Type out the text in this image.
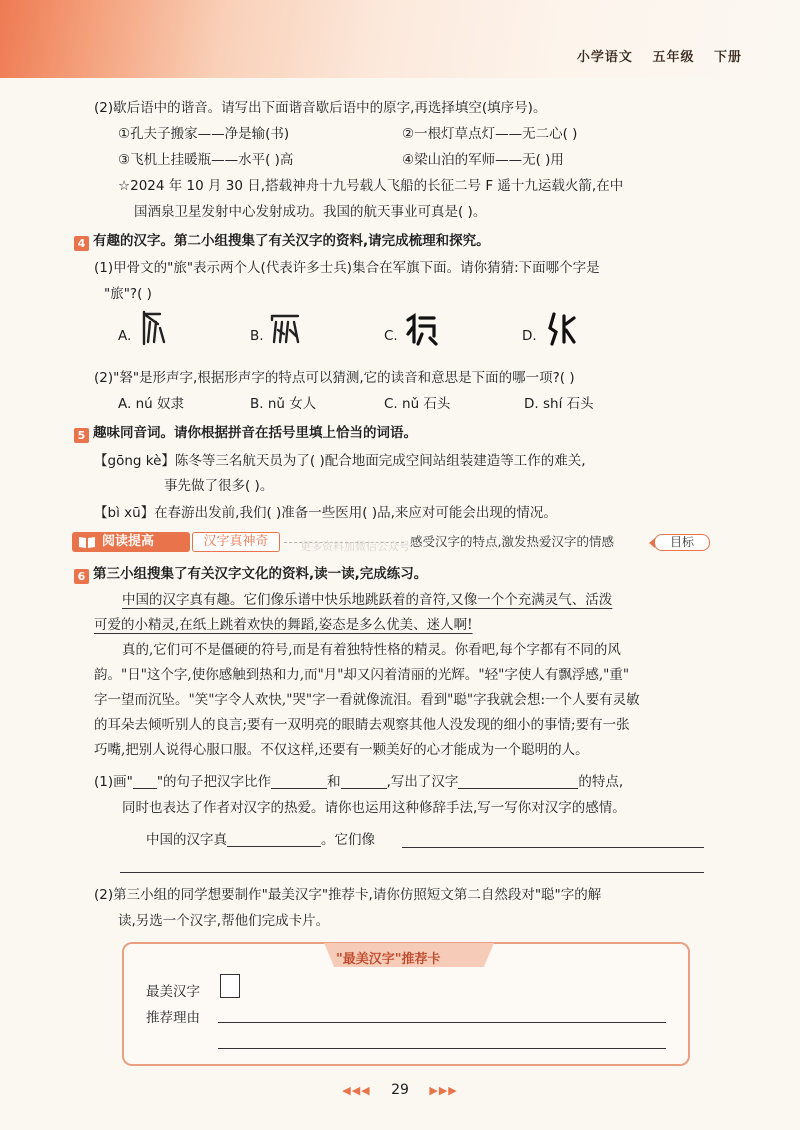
小学语文 五年级 下册
(2)歇后语中的谐音。请写出下面谐音歇后语中的原字,再选择填空(填序号)。
①孔夫子搬家——净是输(书)	②一根灯草点灯——无二心( )
③飞机上挂暖瓶——水平( )高	④梁山泊的军师——无( )用
☆2024 年 10 月 30 日,搭载神舟十九号载人飞船的长征二号 F 遥十九运载火箭,在中
国酒泉卫星发射中心发射成功。我国的航天事业可真是( )。
4 有趣的汉字。第二小组搜集了有关汉字的资料,请完成梳理和探究。
(1)甲骨文的"旅"表示两个人(代表许多士兵)集合在军旗下面。请你猜猜:下面哪个字是
"旅"?( )
A.	B.	C.	D.
(2)"砮"是形声字,根据形声字的特点可以猜测,它的读音和意思是下面的哪一项?( )
A. nú 奴隶	B. nǔ 女人	C. nǔ 石头	D. shí 石头
5 趣味同音词。请你根据拼音在括号里填上恰当的词语。
【gōng kè】陈冬等三名航天员为了( )配合地面完成空间站组装建造等工作的难关,
事先做了很多( )。
【bì xū】在春游出发前,我们( )准备一些医用( )品,来应对可能会出现的情况。
阅读提高	汉字真神奇	感受汉字的特点,激发热爱汉字的情感	目标
更多资料加微信公众号
6 第三小组搜集了有关汉字文化的资料,读一读,完成练习。
中国的汉字真有趣。它们像乐谱中快乐地跳跃着的音符,又像一个个充满灵气、活泼
可爱的小精灵,在纸上跳着欢快的舞蹈,姿态是多么优美、迷人啊!
真的,它们可不是僵硬的符号,而是有着独特性格的精灵。你看吧,每个字都有不同的风
韵。"日"这个字,使你感触到热和力,而"月"却又闪着清丽的光辉。"轻"字使人有飘浮感,"重"
字一望而沉坠。"笑"字令人欢快,"哭"字一看就像流泪。看到"聪"字我就会想:一个人要有灵敏
的耳朵去倾听别人的良言;要有一双明亮的眼睛去观察其他人没发现的细小的事情;要有一张
巧嘴,把别人说得心服口服。不仅这样,还要有一颗美好的心才能成为一个聪明的人。
(1)画" "的句子把汉字比作	和	,写出了汉字	的特点,
同时也表达了作者对汉字的热爱。请你也运用这种修辞手法,写一写你对汉字的感情。
中国的汉字真	。它们像
(2)第三小组的同学想要制作"最美汉字"推荐卡,请你仿照短文第二自然段对"聪"字的解
读,另选一个汉字,帮他们完成卡片。
"最美汉字"推荐卡
最美汉字
推荐理由
◀◀◀ 29 ▶▶▶
